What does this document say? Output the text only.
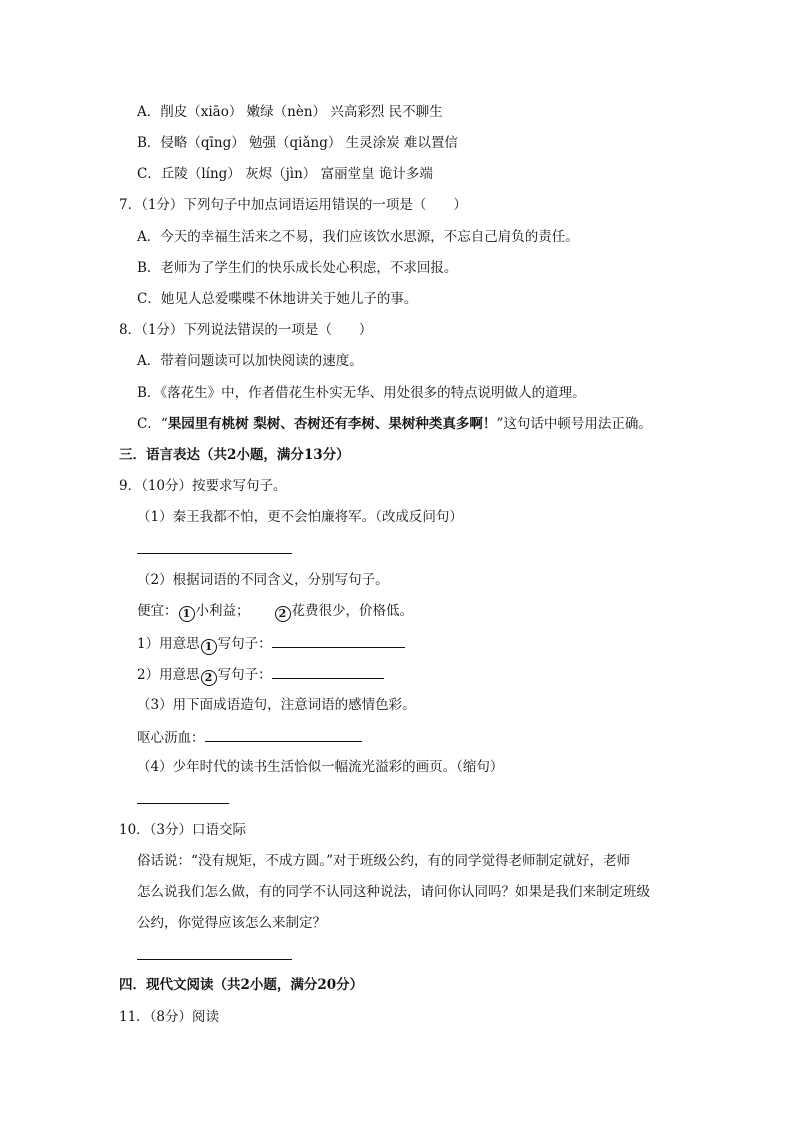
A．削皮（xiāo） 嫩绿（nèn） 兴高彩烈 民不聊生
B．侵略（qīng） 勉强（qiǎng） 生灵涂炭 难以置信
C．丘陵（líng） 灰烬（jìn） 富丽堂皇 诡计多端
7．（1分）下列句子中加点词语运用错误的一项是（　　）
A．今天的幸福生活来之不易，我们应该饮水思源，不忘自己肩负的责任。
B．老师为了学生们的快乐成长处心积虑，不求回报。
C．她见人总爱喋喋不休地讲关于她儿子的事。
8．（1分）下列说法错误的一项是（　　）
A．带着问题读可以加快阅读的速度。
B．《落花生》中，作者借花生朴实无华、用处很多的特点说明做人的道理。
C．“果园里有桃树 梨树、杏树还有李树、果树种类真多啊！”这句话中顿号用法正确。
三．语言表达（共2小题，满分13分）
9．（10分）按要求写句子。
（1）秦王我都不怕，更不会怕廉将军。（改成反问句）
（2）根据词语的不同含义，分别写句子。
便宜： 1 小利益；	2 花费很少，价格低。
1）用意思 1 写句子：
2）用意思 2 写句子：
（3）用下面成语造句，注意词语的感情色彩。
呕心沥血：
（4）少年时代的读书生活恰似一幅流光溢彩的画页。（缩句）
10．（3分）口语交际
俗话说：“没有规矩，不成方圆。”对于班级公约，有的同学觉得老师制定就好，老师
怎么说我们怎么做，有的同学不认同这种说法，请问你认同吗？如果是我们来制定班级
公约，你觉得应该怎么来制定？
四．现代文阅读（共2小题，满分20分）
11．（8分）阅读
